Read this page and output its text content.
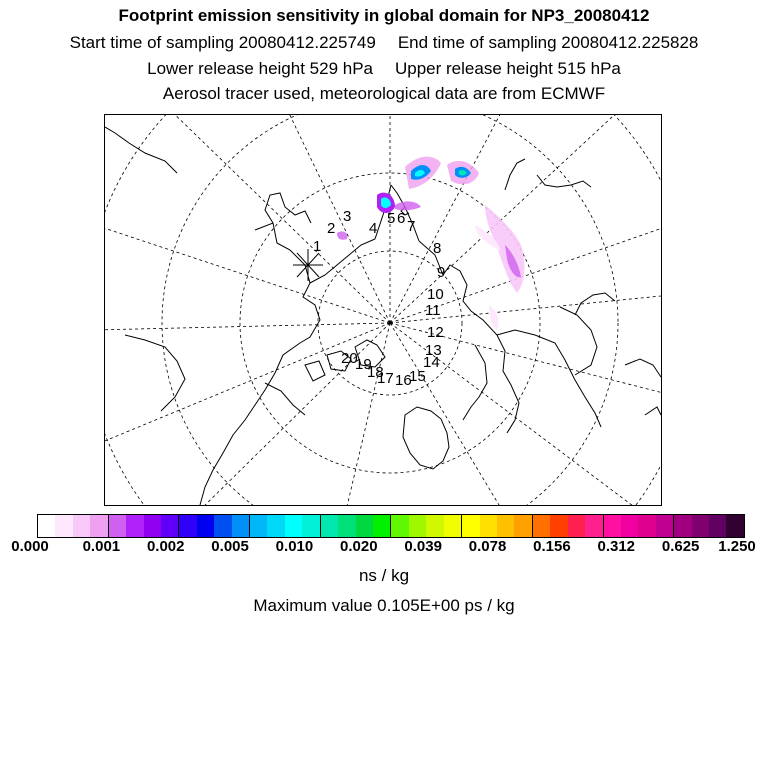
Footprint emission sensitivity in global domain for NP3_20080412
Start time of sampling 20080412.225749 End time of sampling 20080412.225828
Lower release height 529 hPa Upper release height 515 hPa
Aerosol tracer used, meteorological data are from ECMWF
1
2
3
4
5 6 7
8
9
10
11
12
13
14
15
16
17
18
19
20
0.000 0.001 0.002 0.005 0.010 0.020 0.039 0.078 0.156 0.312 0.625 1.250
ns / kg
Maximum value 0.105E+00 ps / kg
